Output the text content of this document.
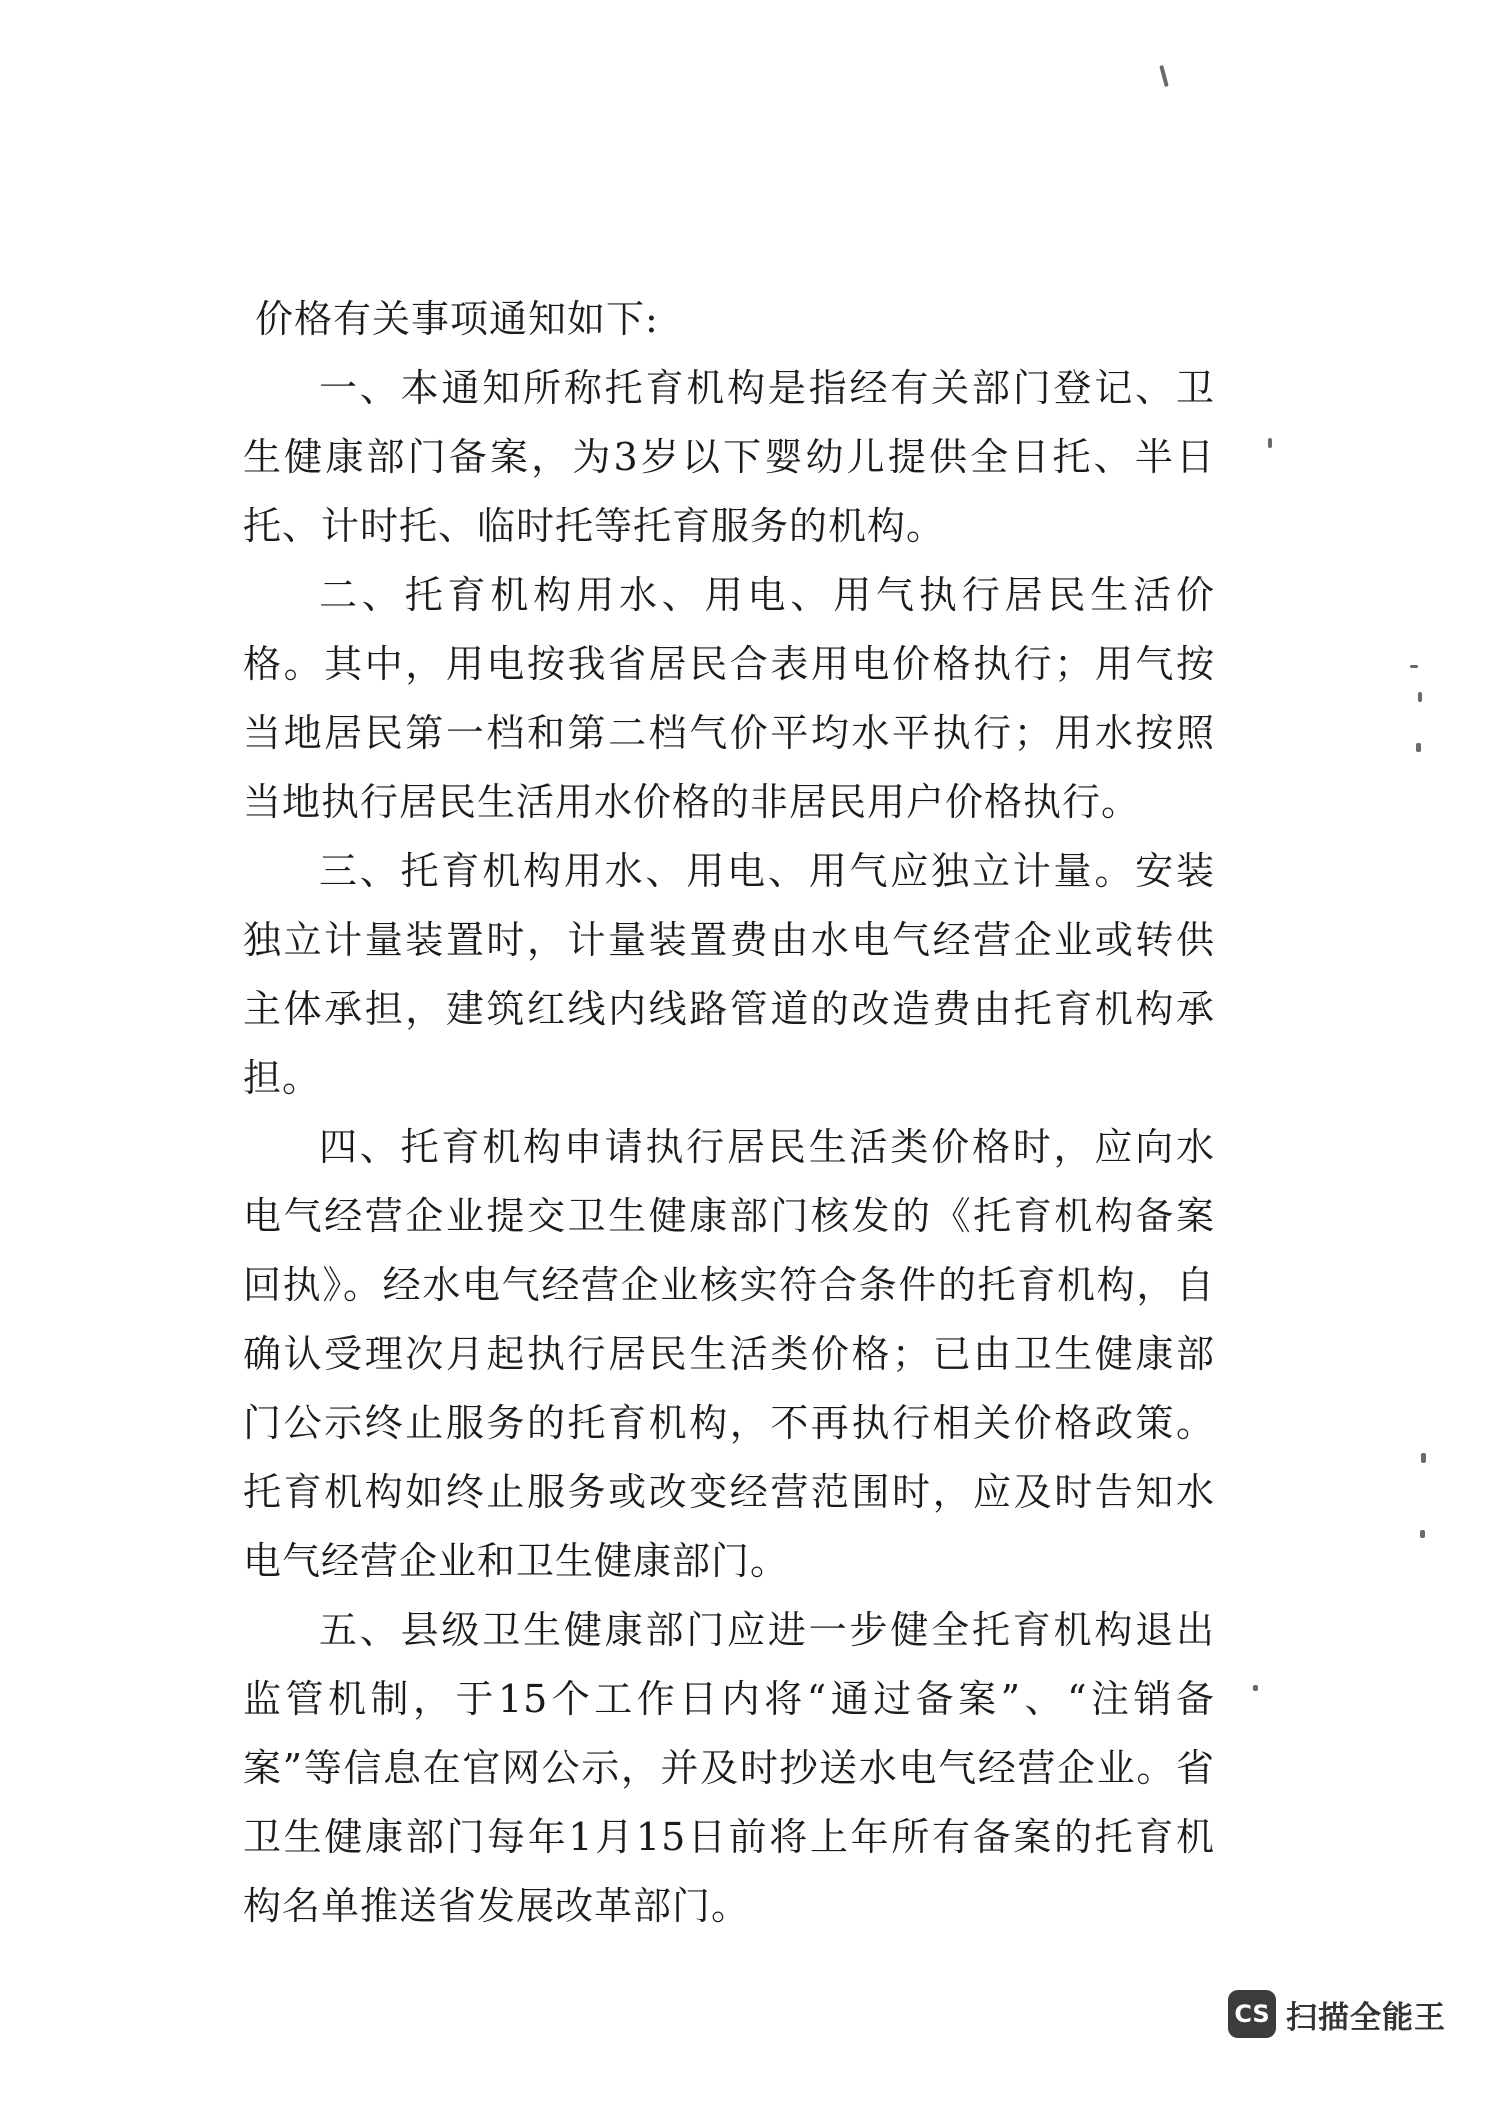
价格有关事项通知如下:

一、本通知所称托育机构是指经有关部门登记、卫生健康部门备案，为3岁以下婴幼儿提供全日托、半日托、计时托、临时托等托育服务的机构。

二、托育机构用水、用电、用气执行居民生活价格。其中，用电按我省居民合表用电价格执行；用气按当地居民第一档和第二档气价平均水平执行；用水按照当地执行居民生活用水价格的非居民用户价格执行。

三、托育机构用水、用电、用气应独立计量。安装独立计量装置时，计量装置费由水电气经营企业或转供主体承担，建筑红线内线路管道的改造费由托育机构承担。

四、托育机构申请执行居民生活类价格时，应向水电气经营企业提交卫生健康部门核发的《托育机构备案回执》。经水电气经营企业核实符合条件的托育机构，自确认受理次月起执行居民生活类价格；已由卫生健康部门公示终止服务的托育机构，不再执行相关价格政策。托育机构如终止服务或改变经营范围时，应及时告知水电气经营企业和卫生健康部门。

五、县级卫生健康部门应进一步健全托育机构退出监管机制，于15个工作日内将“通过备案”、“注销备案”等信息在官网公示，并及时抄送水电气经营企业。省卫生健康部门每年1月15日前将上年所有备案的托育机构名单推送省发展改革部门。

CS 扫描全能王
